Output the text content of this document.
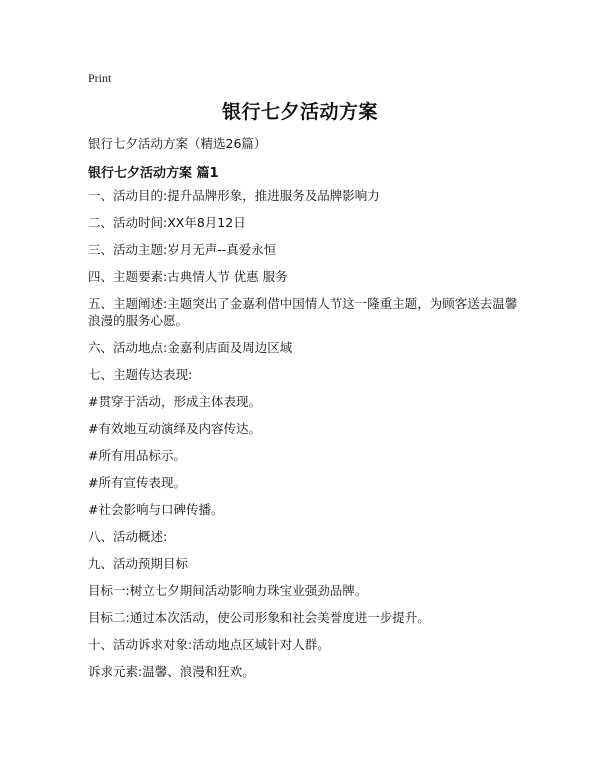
Print
银行七夕活动方案

银行七夕活动方案（精选26篇）

银行七夕活动方案 篇1

一、活动目的:提升品牌形象，推进服务及品牌影响力

二、活动时间:XX年8月12日

三、活动主题:岁月无声--真爱永恒

四、主题要素:古典情人节 优惠 服务

五、主题阐述:主题突出了金嘉利借中国情人节这一隆重主题，为顾客送去温馨浪漫的服务心愿。

六、活动地点:金嘉利店面及周边区域

七、主题传达表现:

#贯穿于活动，形成主体表现。

#有效地互动演绎及内容传达。

#所有用品标示。

#所有宣传表现。

#社会影响与口碑传播。

八、活动概述:

九、活动预期目标

目标一:树立七夕期间活动影响力珠宝业强劲品牌。

目标二:通过本次活动，使公司形象和社会美誉度进一步提升。

十、活动诉求对象:活动地点区域针对人群。

诉求元素:温馨、浪漫和狂欢。
